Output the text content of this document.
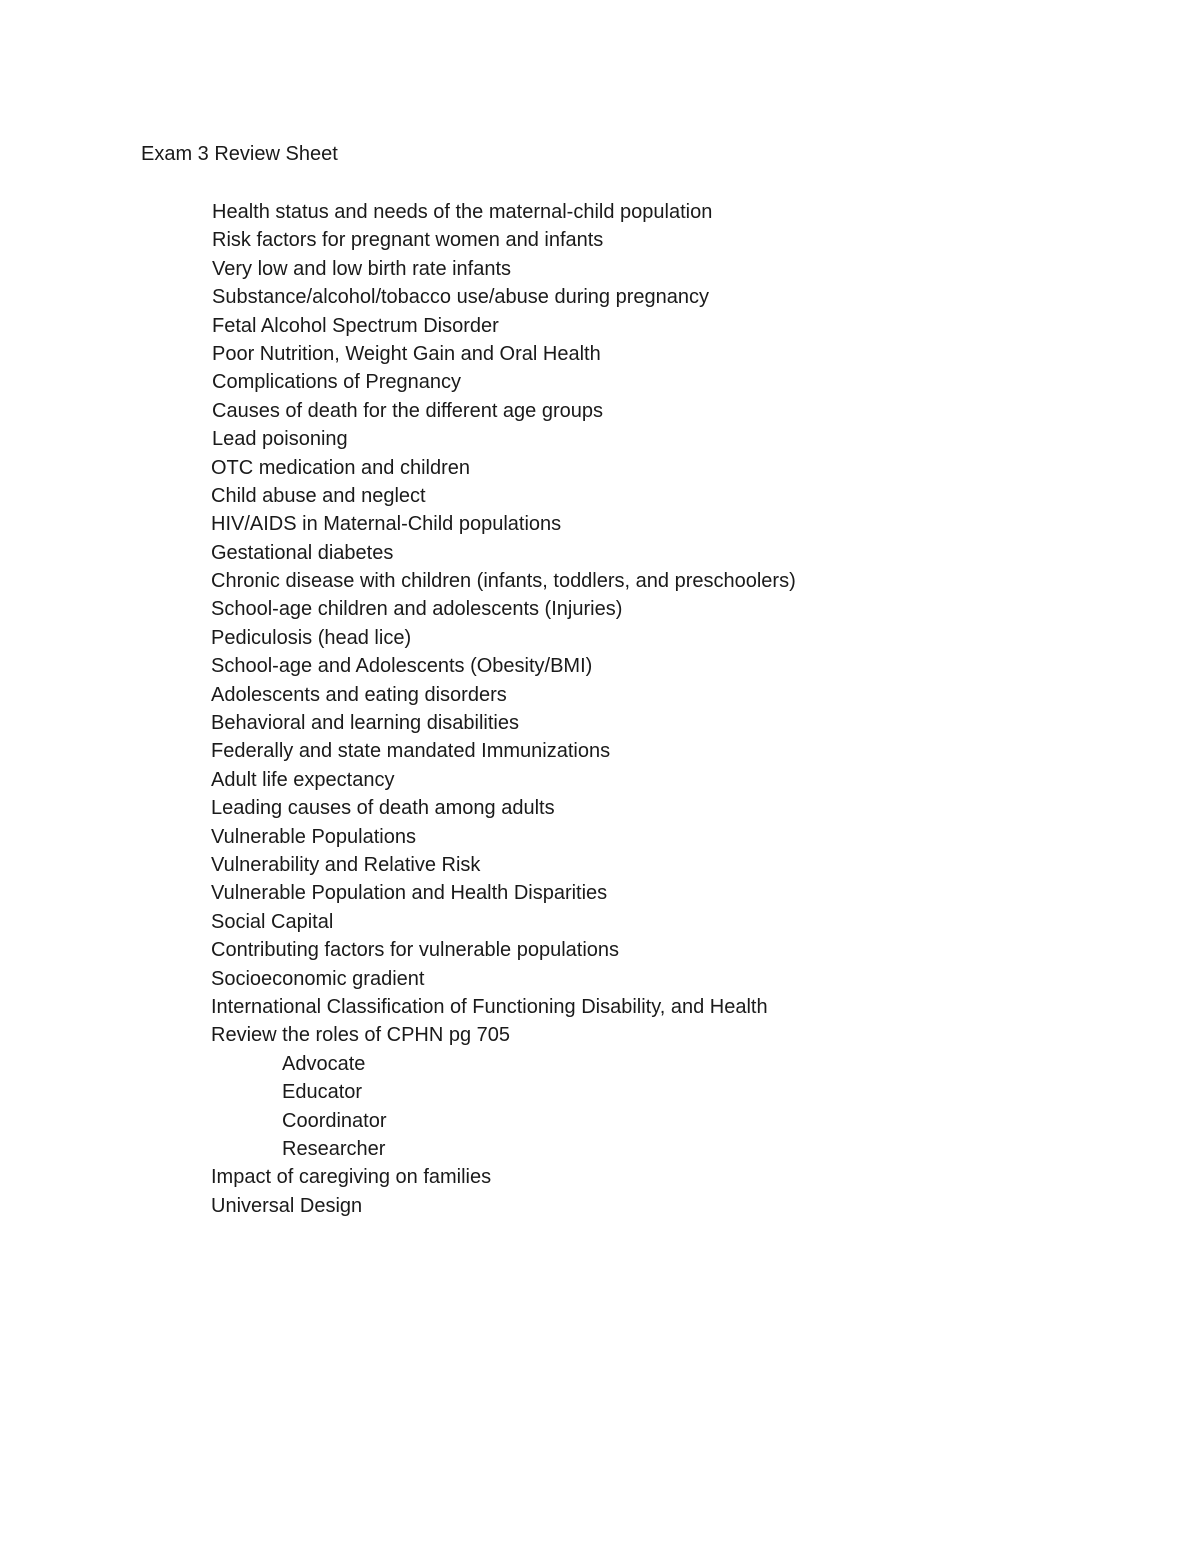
Exam 3 Review Sheet
Health status and needs of the maternal-child population
Risk factors for pregnant women and infants
Very low and low birth rate infants
Substance/alcohol/tobacco use/abuse during pregnancy
Fetal Alcohol Spectrum Disorder
Poor Nutrition, Weight Gain and Oral Health
Complications of Pregnancy
Causes of death for the different age groups
Lead poisoning
OTC medication and children
Child abuse and neglect
HIV/AIDS in Maternal-Child populations
Gestational diabetes
Chronic disease with children (infants, toddlers, and preschoolers)
School-age children and adolescents (Injuries)
Pediculosis (head lice)
School-age and Adolescents (Obesity/BMI)
Adolescents and eating disorders
Behavioral and learning disabilities
Federally and state mandated Immunizations
Adult life expectancy
Leading causes of death among adults
Vulnerable Populations
Vulnerability and Relative Risk
Vulnerable Population and Health Disparities
Social Capital
Contributing factors for vulnerable populations
Socioeconomic gradient
International Classification of Functioning Disability, and Health
Review the roles of CPHN pg 705
Advocate
Educator
Coordinator
Researcher
Impact of caregiving on families
Universal Design
